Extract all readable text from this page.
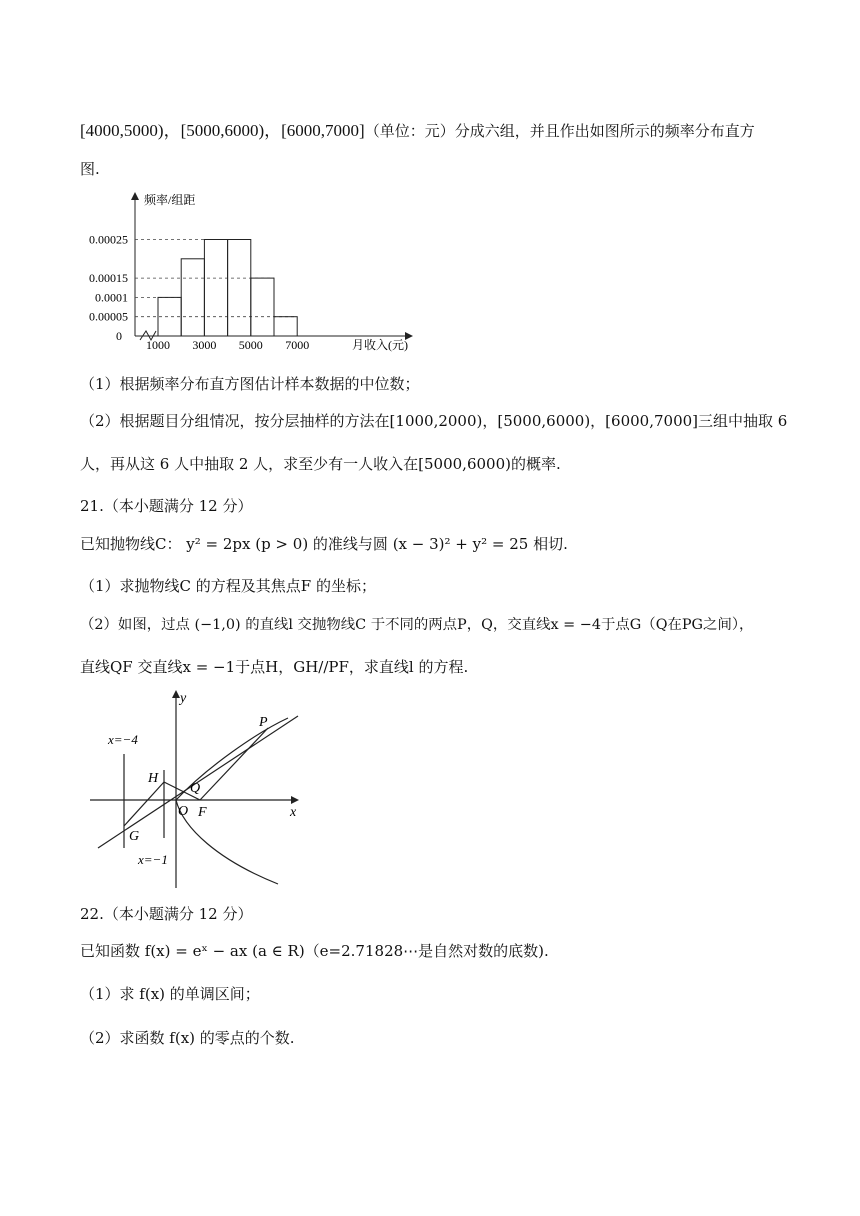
[4000,5000)，[5000,6000)，[6000,7000]（单位：元）分成六组，并且作出如图所示的频率分布直方
图.
频率/组距
月收入(元)
0.00025
0.00015
0.0001
0.00005
0
1000 3000 5000 7000
（1）根据频率分布直方图估计样本数据的中位数；
（2）根据题目分组情况，按分层抽样的方法在[1000,2000)，[5000,6000)，[6000,7000]三组中抽取 6
人，再从这 6 人中抽取 2 人，求至少有一人收入在[5000,6000)的概率.
21.（本小题满分 12 分）
已知抛物线C： y² = 2px (p > 0) 的准线与圆 (x − 3)² + y² = 25 相切.
（1）求抛物线C 的方程及其焦点F 的坐标；
（2）如图，过点 (−1,0) 的直线l 交抛物线C 于不同的两点P，Q，交直线x = −4于点G（Q在PG之间），
直线QF 交直线x = −1于点H，GH//PF，求直线l 的方程.
y
x
O F
P
Q
H
G
x=−4
x=−1
22.（本小题满分 12 分）
已知函数 f(x) = eˣ − ax (a ∈ R)（e=2.71828⋯是自然对数的底数).
（1）求 f(x) 的单调区间；
（2）求函数 f(x) 的零点的个数.
